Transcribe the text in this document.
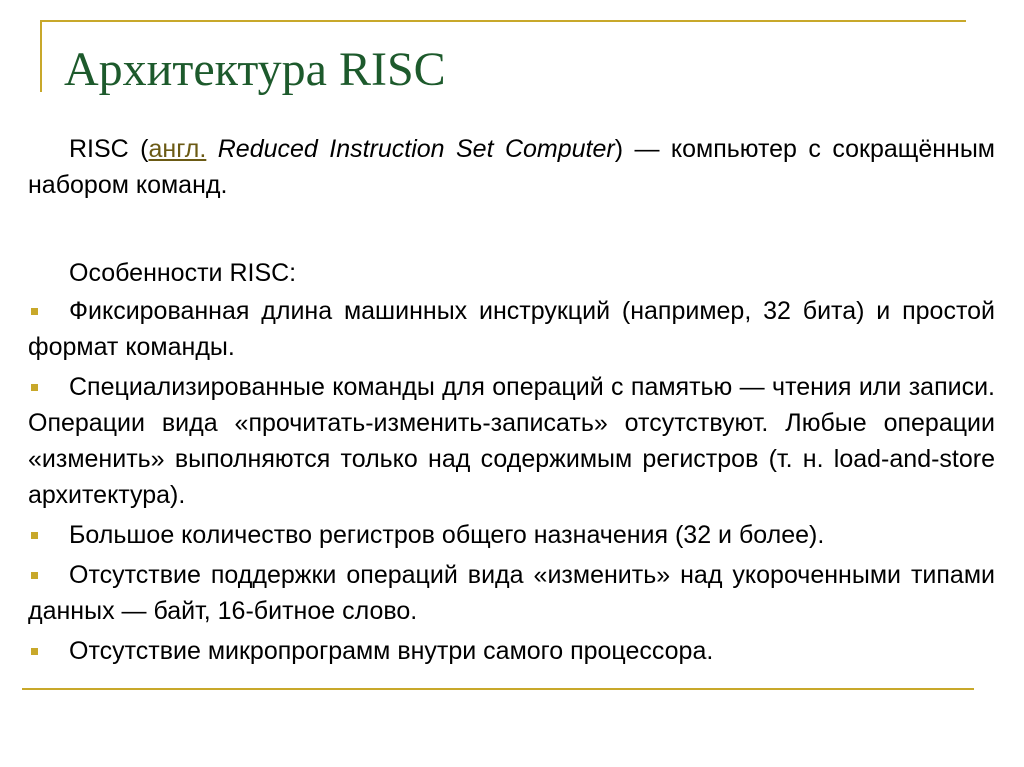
Архитектура RISC

RISC (англ. Reduced Instruction Set Computer) — компьютер с сокращённым набором команд.

Особенности RISC:

Фиксированная длина машинных инструкций (например, 32 бита) и простой формат команды.
Специализированные команды для операций с памятью — чтения или записи. Операции вида «прочитать-изменить-записать» отсутствуют. Любые операции «изменить» выполняются только над содержимым регистров (т. н. load-and-store архитектура).
Большое количество регистров общего назначения (32 и более).
Отсутствие поддержки операций вида «изменить» над укороченными типами данных — байт, 16-битное слово.
Отсутствие микропрограмм внутри самого процессора.
